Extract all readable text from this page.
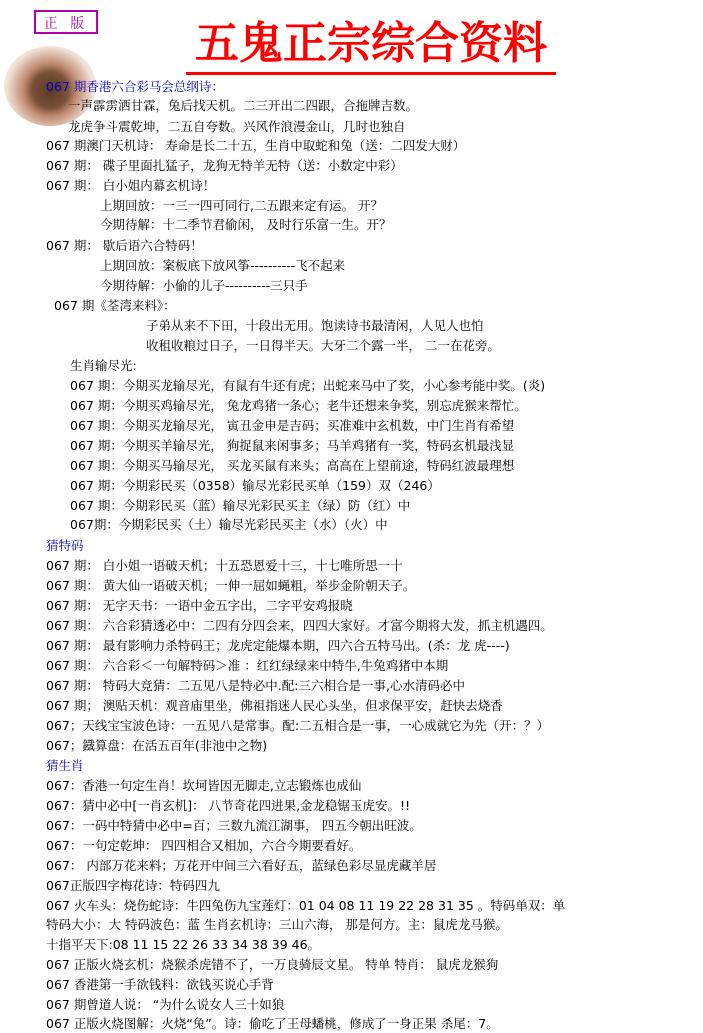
正 版 五鬼正宗综合资料
067 期香港六合彩马会总纲诗：
一声霹雳洒甘霖，兔后找天机。二三开出二四跟，合拖牌吉数。
龙虎争斗震乾坤，二五自夸数。兴风作浪漫金山，几时也独自
067 期澳门天机诗： 寿命是长二十五，生肖中取蛇和兔（送：二四发大财）
067 期： 碟子里面扎猛子，龙狗无特羊无特（送：小数定中彩）
067 期： 白小姐内幕玄机诗！
上期回放：一三一四可同行,二五跟来定有运。 开？
今期待解：十二季节君偷闲， 及时行乐富一生。开？
067 期： 歇后语六合特码！
上期回放：案板底下放风筝----------飞不起来
今期待解：小偷的儿子----------三只手
067 期《荃湾来料》：
子弟从来不下田，十段出无用。饱读诗书最清闲，人见人也怕
收租收粮过日子，一日得半天。大牙二个露一半， 二一在花旁。
生肖输尽光:
067 期：今期买龙输尽光，有鼠有牛还有虎；出蛇来马中了奖，小心参考能中奖。(炎)
067 期：今期买鸡输尽光， 兔龙鸡猪一条心；老牛还想来争奖，别忘虎猴来帮忙。
067 期：今期买龙输尽光， 寅丑金申是吉码；买准难中玄机数，中门生肖有希望
067 期：今期买羊输尽光， 狗捉鼠来闲事多；马羊鸡猪有一奖，特码玄机最浅显
067 期：今期买马输尽光， 买龙买鼠有来头；高高在上望前途，特码红波最理想
067 期：今期彩民买（0358）输尽光彩民买单（159）双（246）
067 期：今期彩民买（蓝）输尽光彩民买主（绿）防（红）中
067期：今期彩民买（土）输尽光彩民买主（水）（火）中
猜特码
067 期： 白小姐一语破天机；十五恐恩爱十三，十七唯所思一十
067 期： 黄大仙一语破天机；一伸一屈如蝇粗，举步金阶朝天子。
067 期： 无字天书：一语中金五字出，二字平安鸡报晓
067 期： 六合彩猜透必中：二四有分四会来，四四大家好。才富今期将大发，抓主机遇四。
067 期： 最有影响力杀特码王；龙虎定能爆本期，四六合五特马出。(杀：龙 虎----)
067 期： 六合彩＜一句解特码＞准 ：红红绿绿来中特牛,牛兔鸡猪中本期
067 期： 特码大竞猜：二五见八是特必中.配:三六相合是一事,心水清码必中
067 期； 澳贴天机：观音庙里坐，佛祖指迷人民心头坐，但求保平安，赶快去烧香
067；天线宝宝波色诗：一五见八是常事。配:二五相合是一事，一心成就它为先（开：？）
067；鐡算盘：在活五百年(非池中之物)
猜生肖
067：香港一句定生肖！坎坷皆因无脚走,立志锻炼也成仙
067：猜中必中[一肖玄机]： 八节奇花四进果,金龙稳锯玉虎安。!!
067：一码中特猜中必中=百；三数九流江湖事， 四五今朝出旺波。
067：一句定乾坤： 四四相合又相加，六合今期要看好。
067： 内部万花来料；万花开中间三六看好五，蓝绿色彩尽显虎藏羊居
067正版四字梅花诗：特码四九
067 火车头：烧伤蛇诗：牛四兔伤九宝莲灯：01 04 08 11 19 22 28 31 35 。特码单双：单
特码大小：大 特码波色：蓝 生肖玄机诗：三山六海， 那是何方。主：鼠虎龙马猴。
十指平天下:08 11 15 22 26 33 34 38 39 46。
067 正版火烧玄机：烧猴杀虎错不了，一万良骑辰文星。 特单 特肖： 鼠虎龙猴狗
067 香港第一手欲钱料：欲钱买说心手背
067 期曾道人说： “为什么说女人三十如狼
067 正版火烧图解：火烧“兔”。诗：偷吃了王母蟠桃，修成了一身正果 杀尾：7。
